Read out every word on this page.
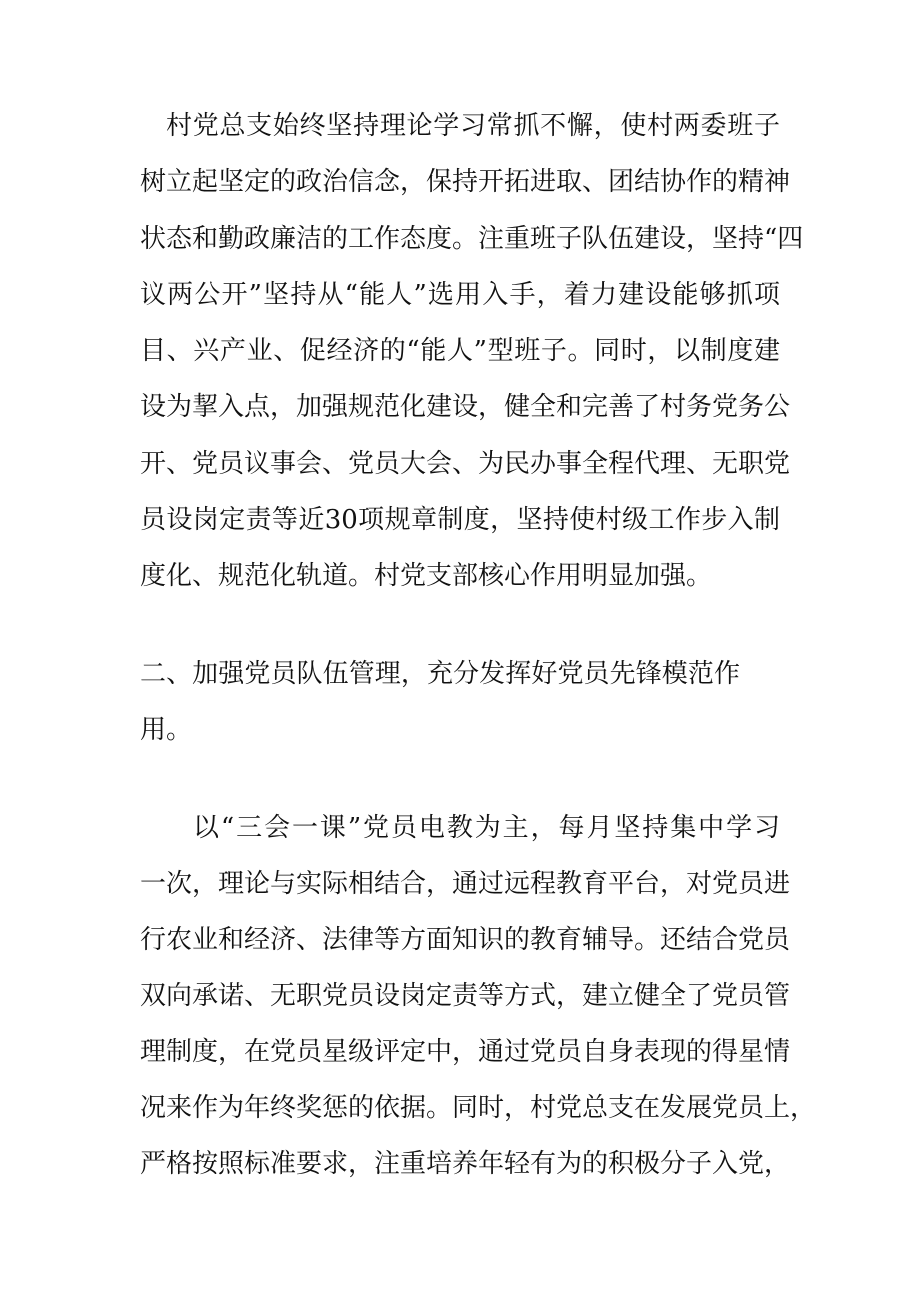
村党总支始终坚持理论学习常抓不懈，使村两委班子
树立起坚定的政治信念，保持开拓进取、团结协作的精神
状态和勤政廉洁的工作态度。注重班子队伍建设，坚持“四
议两公开”坚持从“能人”选用入手，着力建设能够抓项
目、兴产业、促经济的“能人”型班子。同时，以制度建
设为挈入点，加强规范化建设，健全和完善了村务党务公
开、党员议事会、党员大会、为民办事全程代理、无职党
员设岗定责等近30项规章制度，坚持使村级工作步入制
度化、规范化轨道。村党支部核心作用明显加强。
二、加强党员队伍管理，充分发挥好党员先锋模范作
用。
以“三会一课”党员电教为主，每月坚持集中学习
一次，理论与实际相结合，通过远程教育平台，对党员进
行农业和经济、法律等方面知识的教育辅导。还结合党员
双向承诺、无职党员设岗定责等方式，建立健全了党员管
理制度，在党员星级评定中，通过党员自身表现的得星情
况来作为年终奖惩的依据。同时，村党总支在发展党员上，
严格按照标准要求，注重培养年轻有为的积极分子入党，
